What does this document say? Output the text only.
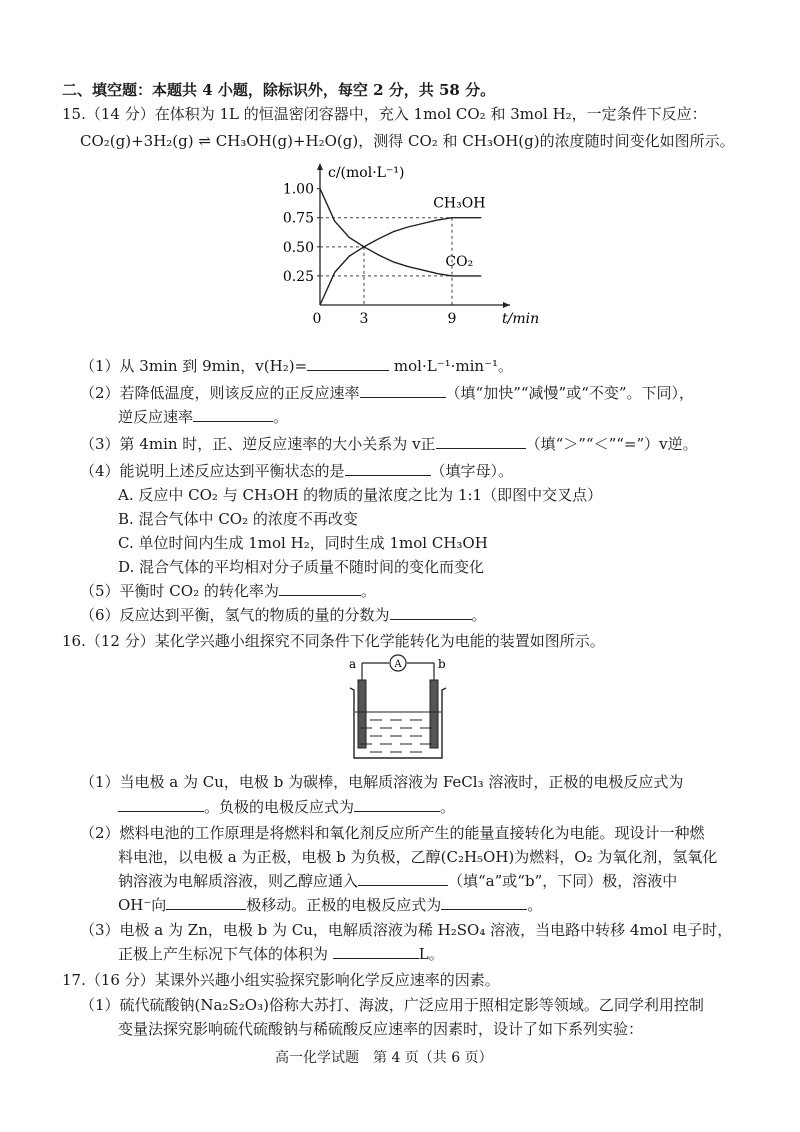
二、填空题：本题共 4 小题，除标识外，每空 2 分，共 58 分。
15.（14 分）在体积为 1L 的恒温密闭容器中，充入 1mol CO₂ 和 3mol H₂，一定条件下反应：
CO₂(g)+3H₂(g) ⇌ CH₃OH(g)+H₂O(g)，测得 CO₂ 和 CH₃OH(g)的浓度随时间变化如图所示。
c/(mol·L⁻¹)
t/min
1.00
0.75
0.50
0.25
0	3	9
CH₃OH
CO₂
（1）从 3min 到 9min，v(H₂)=	mol·L⁻¹·min⁻¹。
（2）若降低温度，则该反应的正反应速率	（填“加快”“减慢”或“不变”。下同），
逆反应速率	。
（3）第 4min 时，正、逆反应速率的大小关系为 v正	（填“＞”“＜”“=”）v逆。
（4）能说明上述反应达到平衡状态的是	（填字母）。
A. 反应中 CO₂ 与 CH₃OH 的物质的量浓度之比为 1:1（即图中交叉点）
B. 混合气体中 CO₂ 的浓度不再改变
C. 单位时间内生成 1mol H₂，同时生成 1mol CH₃OH
D. 混合气体的平均相对分子质量不随时间的变化而变化
（5）平衡时 CO₂ 的转化率为	。
（6）反应达到平衡，氢气的物质的量的分数为	。
16.（12 分）某化学兴趣小组探究不同条件下化学能转化为电能的装置如图所示。
a	b
A
（1）当电极 a 为 Cu，电极 b 为碳棒，电解质溶液为 FeCl₃ 溶液时，正极的电极反应式为
。负极的电极反应式为	。
（2）燃料电池的工作原理是将燃料和氧化剂反应所产生的能量直接转化为电能。现设计一种燃
料电池，以电极 a 为正极，电极 b 为负极，乙醇(C₂H₅OH)为燃料，O₂ 为氧化剂，氢氧化
钠溶液为电解质溶液，则乙醇应通入	（填“a”或“b”，下同）极，溶液中
OH⁻向	极移动。正极的电极反应式为	。
（3）电极 a 为 Zn，电极 b 为 Cu，电解质溶液为稀 H₂SO₄ 溶液，当电路中转移 4mol 电子时，
正极上产生标况下气体的体积为	L。
17.（16 分）某课外兴趣小组实验探究影响化学反应速率的因素。
（1）硫代硫酸钠(Na₂S₂O₃)俗称大苏打、海波，广泛应用于照相定影等领域。乙同学利用控制
变量法探究影响硫代硫酸钠与稀硫酸反应速率的因素时，设计了如下系列实验：
高一化学试题　第 4 页（共 6 页）
